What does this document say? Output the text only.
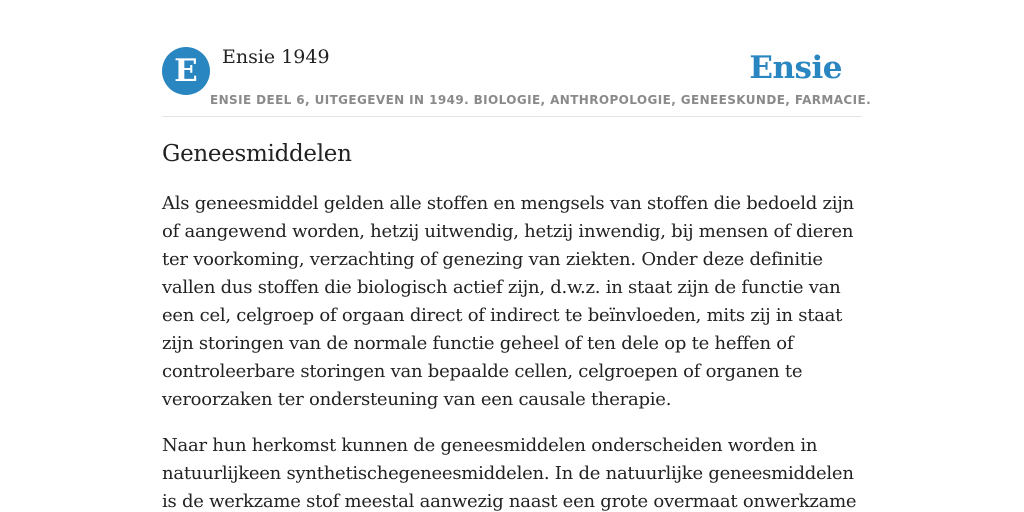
E	Ensie 1949	Ensie
ENSIE DEEL 6, UITGEGEVEN IN 1949. BIOLOGIE, ANTHROPOLOGIE, GENEESKUNDE, FARMACIE.
Geneesmiddelen

Als geneesmiddel gelden alle stoffen en mengsels van stoffen die bedoeld zijn of aangewend worden, hetzij uitwendig, hetzij inwendig, bij mensen of dieren ter voorkoming, verzachting of genezing van ziekten. Onder deze definitie vallen dus stoffen die biologisch actief zijn, d.w.z. in staat zijn de functie van een cel, celgroep of orgaan direct of indirect te beïnvloeden, mits zij in staat zijn storingen van de normale functie geheel of ten dele op te heffen of controleerbare storingen van bepaalde cellen, celgroepen of organen te veroorzaken ter ondersteuning van een causale therapie.

Naar hun herkomst kunnen de geneesmiddelen onderscheiden worden in natuurlijkeen synthetischegeneesmiddelen. In de natuurlijke geneesmiddelen is de werkzame stof meestal aanwezig naast een grote overmaat onwerkzame
